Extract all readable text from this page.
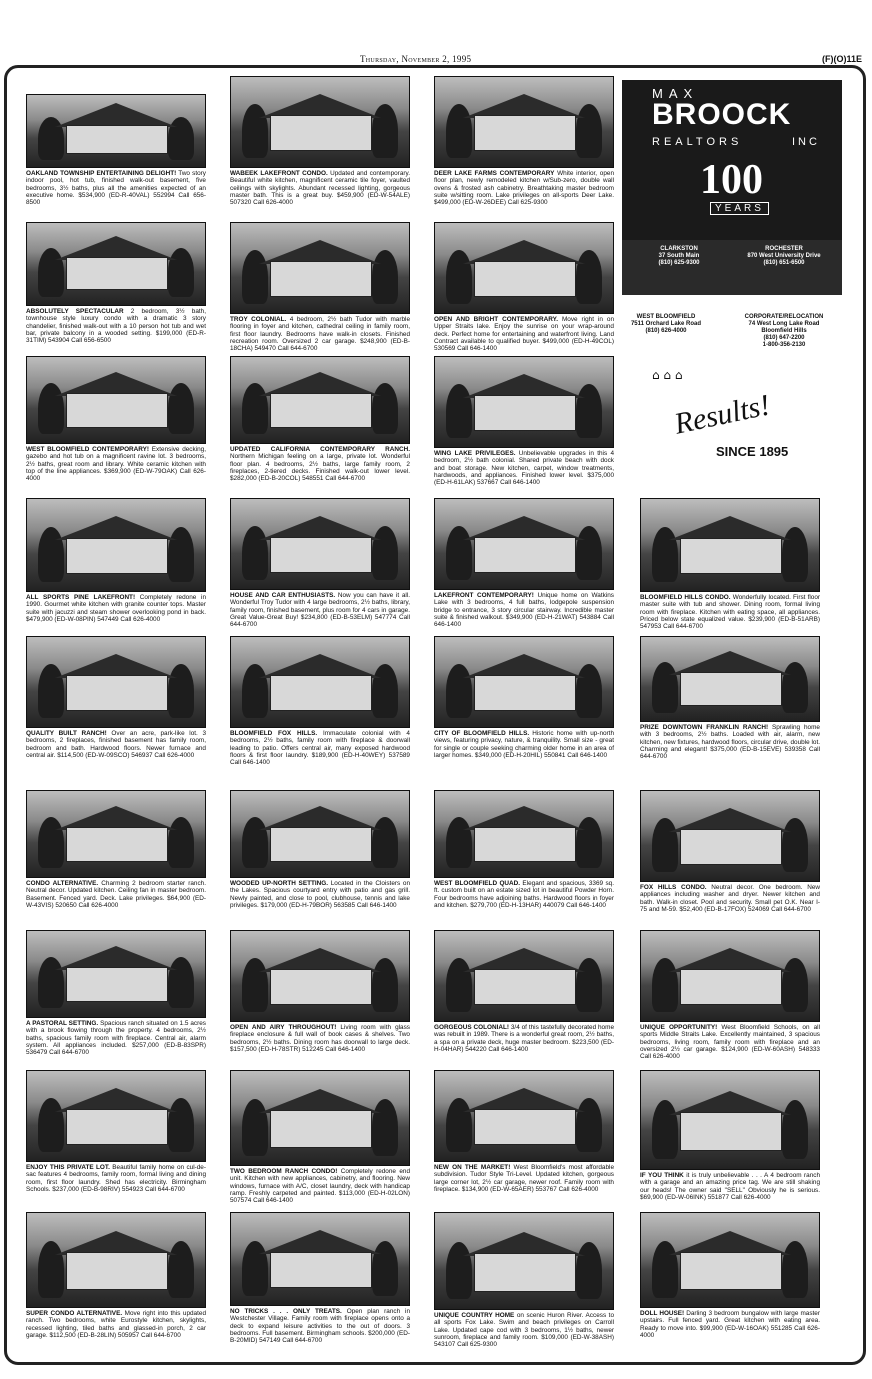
Thursday, November 2, 1995	(F)(O)11E
OAKLAND TOWNSHIP ENTERTAINING DELIGHT! Two story indoor pool, hot tub, finished walk-out basement, five bedrooms, 3½ baths, plus all the amenities expected of an executive home. $534,900 (ED-R-40VAL) 552994 Call 656-8500
ABSOLUTELY SPECTACULAR 2 bedroom, 3½ bath, townhouse style luxury condo with a dramatic 3 story chandelier, finished walk-out with a 10 person hot tub and wet bar, private balcony in a wooded setting. $199,000 (ED-R-31TIM) 543904 Call 656-6500
WEST BLOOMFIELD CONTEMPORARY! Extensive decking, gazebo and hot tub on a magnificent ravine lot. 3 bedrooms, 2½ baths, great room and library. White ceramic kitchen with top of the line appliances. $369,900 (ED-W-79OAK) Call 626-4000
ALL SPORTS PINE LAKEFRONT! Completely redone in 1990. Gourmet white kitchen with granite counter tops. Master suite with jacuzzi and steam shower overlooking pond in back. $479,900 (ED-W-08PIN) 547449 Call 626-4000
QUALITY BUILT RANCH! Over an acre, park-like lot. 3 bedrooms, 2 fireplaces, finished basement has family room, bedroom and bath. Hardwood floors. Newer furnace and central air. $114,500 (ED-W-09SCO) 546937 Call 626-4000
CONDO ALTERNATIVE. Charming 2 bedroom starter ranch. Neutral decor. Updated kitchen. Ceiling fan in master bedroom. Basement. Fenced yard. Deck. Lake privileges. $64,900 (ED-W-43VIS) 520650 Call 626-4000
A PASTORAL SETTING. Spacious ranch situated on 1.5 acres with a brook flowing through the property. 4 bedrooms, 2½ baths, spacious family room with fireplace. Central air, alarm system. All appliances included. $257,000 (ED-B-83SPR) 536479 Call 644-6700
ENJOY THIS PRIVATE LOT. Beautiful family home on cul-de-sac features 4 bedrooms, family room, formal living and dining room, first floor laundry. Shed has electricity. Birmingham Schools. $237,000 (ED-B-98RIV) 554923 Call 644-6700
SUPER CONDO ALTERNATIVE. Move right into this updated ranch. Two bedrooms, white Eurostyle kitchen, skylights, recessed lighting, tiled baths and glassed-in porch, 2 car garage. $112,500 (ED-B-28LIN) 505957 Call 644-6700
WABEEK LAKEFRONT CONDO. Updated and contemporary. Beautiful white kitchen, magnificent ceramic tile foyer, vaulted ceilings with skylights. Abundant recessed lighting, gorgeous master bath. This is a great buy. $459,900 (ED-W-54ALE) 507320 Call 626-4000
TROY COLONIAL. 4 bedroom, 2½ bath Tudor with marble flooring in foyer and kitchen, cathedral ceiling in family room, first floor laundry. Bedrooms have walk-in closets. Finished recreation room. Oversized 2 car garage. $248,900 (ED-B-18CHA) 549470 Call 644-6700
UPDATED CALIFORNIA CONTEMPORARY RANCH. Northern Michigan feeling on a large, private lot. Wonderful floor plan. 4 bedrooms, 2½ baths, large family room, 2 fireplaces, 2-tiered decks. Finished walk-out lower level. $282,000 (ED-B-20COL) 548551 Call 644-6700
HOUSE AND CAR ENTHUSIASTS. Now you can have it all. Wonderful Troy Tudor with 4 large bedrooms, 2½ baths, library, family room, finished basement, plus room for 4 cars in garage. Great Value-Great Buy! $234,800 (ED-B-53ELM) 547774 Call 644-6700
BLOOMFIELD FOX HILLS. Immaculate colonial with 4 bedrooms, 2½ baths, family room with fireplace & doorwall leading to patio. Offers central air, many exposed hardwood floors & first floor laundry. $189,900 (ED-H-40WEY) 537589 Call 646-1400
WOODED UP-NORTH SETTING. Located in the Cloisters on the Lakes. Spacious courtyard entry with patio and gas grill. Newly painted, and close to pool, clubhouse, tennis and lake privileges. $179,000 (ED-H-79BOR) 563585 Call 646-1400
OPEN AND AIRY THROUGHOUT! Living room with glass fireplace enclosure & full wall of book cases & shelves. Two bedrooms, 2½ baths. Dining room has doorwall to large deck. $157,500 (ED-H-78STR) 512245 Call 646-1400
TWO BEDROOM RANCH CONDO! Completely redone end unit. Kitchen with new appliances, cabinetry, and flooring. New windows, furnace with A/C, closet laundry, deck with handicap ramp. Freshly carpeted and painted. $113,000 (ED-H-02LON) 507574 Call 646-1400
NO TRICKS . . . ONLY TREATS. Open plan ranch in Westchester Village. Family room with fireplace opens onto a deck to expand leisure activities to the out of doors. 3 bedrooms. Full basement. Birmingham schools. $200,000 (ED-B-20MID) 547149 Call 644-6700
DEER LAKE FARMS CONTEMPORARY White interior, open floor plan, newly remodeled kitchen w/Sub-zero, double wall ovens & frosted ash cabinetry. Breathtaking master bedroom suite w/sitting room. Lake privileges on all-sports Deer Lake. $499,000 (ED-W-26DEE) Call 625-9300
OPEN AND BRIGHT CONTEMPORARY. Move right in on Upper Straits lake. Enjoy the sunrise on your wrap-around deck. Perfect home for entertaining and waterfront living. Land Contract available to qualified buyer. $499,000 (ED-H-49COL) 530569 Call 646-1400
WING LAKE PRIVILEGES. Unbelievable upgrades in this 4 bedroom, 2½ bath colonial. Shared private beach with dock and boat storage. New kitchen, carpet, window treatments, hardwoods, and appliances. Finished lower level. $375,000 (ED-H-61LAK) 537667 Call 646-1400
LAKEFRONT CONTEMPORARY! Unique home on Watkins Lake with 3 bedrooms, 4 full baths, lodgepole suspension bridge to entrance, 3 story circular stairway. Incredible master suite & finished walkout. $349,900 (ED-H-21WAT) 543884 Call 646-1400
CITY OF BLOOMFIELD HILLS. Historic home with up-north views, featuring privacy, nature, & tranquility. Small size - great for single or couple seeking charming older home in an area of larger homes. $349,000 (ED-H-20HIL) 550841 Call 646-1400
WEST BLOOMFIELD QUAD. Elegant and spacious, 3369 sq. ft. custom built on an estate sized lot in beautiful Powder Horn. Four bedrooms have adjoining baths. Hardwood floors in foyer and kitchen. $279,700 (ED-H-13HAR) 440079 Call 646-1400
GORGEOUS COLONIAL! 3/4 of this tastefully decorated home was rebuilt in 1989. There is a wonderful great room, 2½ baths, a spa on a private deck, huge master bedroom. $223,500 (ED-H-04HAR) 544220 Call 646-1400
NEW ON THE MARKET! West Bloomfield's most affordable subdivision. Tudor Style Tri-Level. Updated kitchen, gorgeous large corner lot, 2½ car garage, newer roof. Family room with fireplace. $134,900 (ED-W-65AER) 553767 Call 626-4000
UNIQUE COUNTRY HOME on scenic Huron River. Access to all sports Fox Lake. Swim and beach privileges on Carroll Lake. Updated cape cod with 3 bedrooms, 1½ baths, newer sunroom, fireplace and family room. $109,000 (ED-W-38ASH) 543107 Call 625-9300
BLOOMFIELD HILLS CONDO. Wonderfully located. First floor master suite with tub and shower. Dining room, formal living room with fireplace. Kitchen with eating space, all appliances. Priced below state equalized value. $239,900 (ED-B-51ARB) 547953 Call 644-6700
PRIZE DOWNTOWN FRANKLIN RANCH! Sprawling home with 3 bedrooms, 2½ baths. Loaded with air, alarm, new kitchen, new fixtures, hardwood floors, circular drive, double lot. Charming and elegant! $375,000 (ED-B-15EVE) 539358 Call 644-6700
FOX HILLS CONDO. Neutral decor. One bedroom. New appliances including washer and dryer. Newer kitchen and bath. Walk-in closet. Pool and security. Small pet O.K. Near I-75 and M-59. $52,400 (ED-B-17FOX) 524069 Call 644-6700
UNIQUE OPPORTUNITY! West Bloomfield Schools, on all sports Middle Straits Lake. Excellently maintained, 3 spacious bedrooms, living room, family room with fireplace and an oversized 2½ car garage. $124,900 (ED-W-60ASH) 548333 Call 626-4000
IF YOU THINK it is truly unbelievable . . . A 4 bedroom ranch with a garage and an amazing price tag. We are still shaking our heads! The owner said "SELL" Obviously he is serious. $69,900 (ED-W-06INK) 551877 Call 626-4000
DOLL HOUSE! Darling 3 bedroom bungalow with large master upstairs. Full fenced yard. Great kitchen with eating area. Ready to move into. $99,900 (ED-W-16OAK) 551285 Call 626-4000
MAX
BROOCK
REALTORS	INC
100
YEARS
CLARKSTON
37 South Main
(810) 625-9300
ROCHESTER
870 West University Drive
(810) 651-6500
WEST BLOOMFIELD
7511 Orchard Lake Road
(810) 626-4000
CORPORATE/RELOCATION
74 West Long Lake Road
Bloomfield Hills
(810) 647-2200
1-800-356-2130
⌂ ⌂ ⌂
Results!
SINCE 1895
